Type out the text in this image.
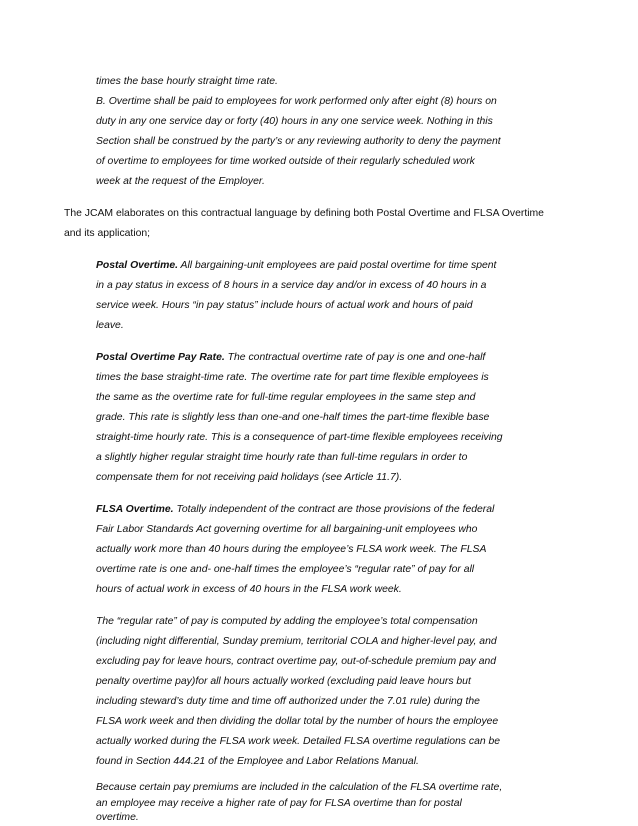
times the base hourly straight time rate.
B. Overtime shall be paid to employees for work performed only after eight (8) hours on
duty in any one service day or forty (40) hours in any one service week. Nothing in this
Section shall be construed by the party’s or any reviewing authority to deny the payment
of overtime to employees for time worked outside of their regularly scheduled work
week at the request of the Employer.
The JCAM elaborates on this contractual language by defining both Postal Overtime and FLSA Overtime
and its application;
Postal Overtime. All bargaining-unit employees are paid postal overtime for time spent
in a pay status in excess of 8 hours in a service day and/or in excess of 40 hours in a
service week. Hours “in pay status” include hours of actual work and hours of paid
leave.
Postal Overtime Pay Rate. The contractual overtime rate of pay is one and one-half
times the base straight-time rate. The overtime rate for part time flexible employees is
the same as the overtime rate for full-time regular employees in the same step and
grade. This rate is slightly less than one-and one-half times the part-time flexible base
straight-time hourly rate. This is a consequence of part-time flexible employees receiving
a slightly higher regular straight time hourly rate than full-time regulars in order to
compensate them for not receiving paid holidays (see Article 11.7).
FLSA Overtime. Totally independent of the contract are those provisions of the federal
Fair Labor Standards Act governing overtime for all bargaining-unit employees who
actually work more than 40 hours during the employee’s FLSA work week. The FLSA
overtime rate is one and- one-half times the employee’s “regular rate” of pay for all
hours of actual work in excess of 40 hours in the FLSA work week.
The “regular rate” of pay is computed by adding the employee’s total compensation
(including night differential, Sunday premium, territorial COLA and higher-level pay, and
excluding pay for leave hours, contract overtime pay, out-of-schedule premium pay and
penalty overtime pay)for all hours actually worked (excluding paid leave hours but
including steward’s duty time and time off authorized under the 7.01 rule) during the
FLSA work week and then dividing the dollar total by the number of hours the employee
actually worked during the FLSA work week. Detailed FLSA overtime regulations can be
found in Section 444.21 of the Employee and Labor Relations Manual.
Because certain pay premiums are included in the calculation of the FLSA overtime rate,
an employee may receive a higher rate of pay for FLSA overtime than for postal
overtime.
